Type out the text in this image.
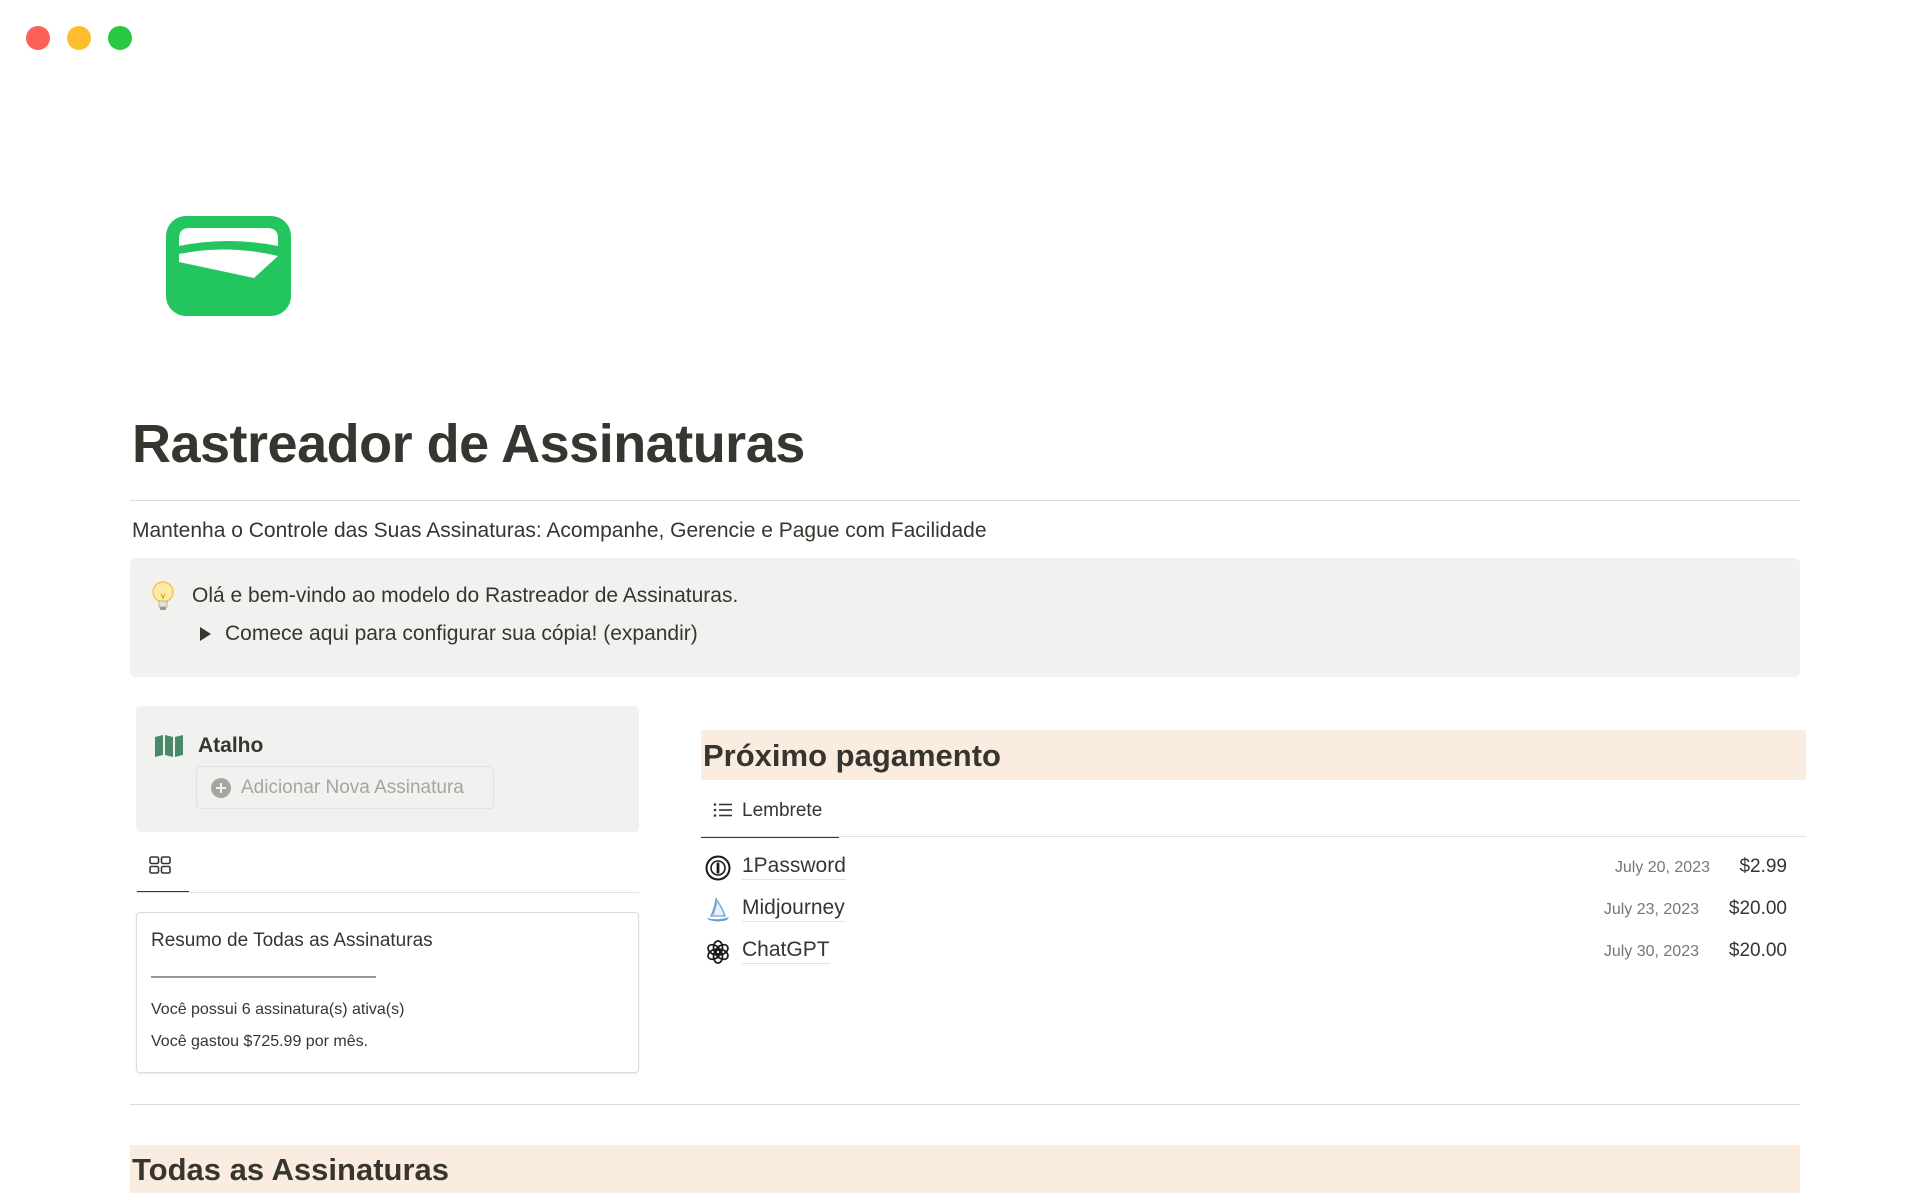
Rastreador de Assinaturas
Mantenha o Controle das Suas Assinaturas: Acompanhe, Gerencie e Pague com Facilidade
Olá e bem-vindo ao modelo do Rastreador de Assinaturas.
Comece aqui para configurar sua cópia! (expandir)
Atalho
Adicionar Nova Assinatura
Resumo de Todas as Assinaturas
————————————————
Você possui 6 assinatura(s) ativa(s)
Você gastou $725.99 por mês.
Próximo pagamento
Lembrete
1Password	July 20, 2023 $2.99
Midjourney	July 23, 2023 $20.00
ChatGPT	July 30, 2023 $20.00
Todas as Assinaturas
